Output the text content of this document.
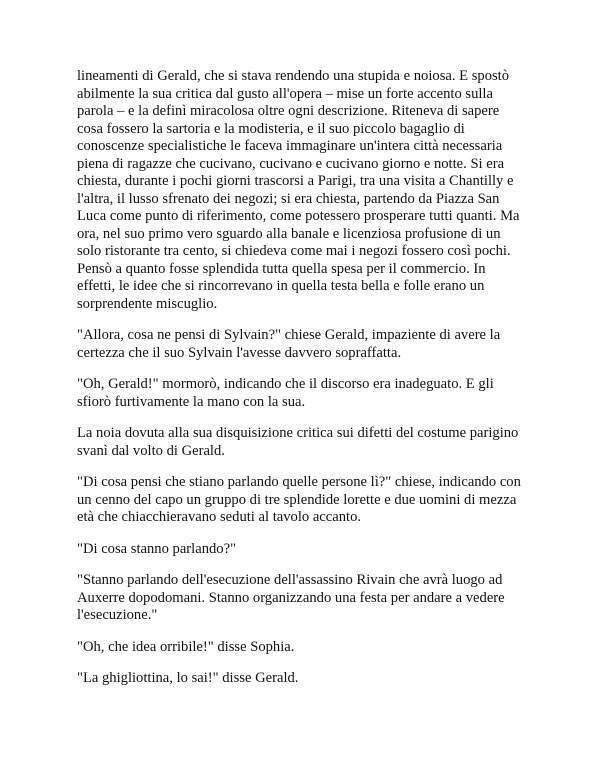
lineamenti di Gerald, che si stava rendendo una stupida e noiosa. E spostò
abilmente la sua critica dal gusto all'opera – mise un forte accento sulla
parola – e la definì miracolosa oltre ogni descrizione. Riteneva di sapere
cosa fossero la sartoria e la modisteria, e il suo piccolo bagaglio di
conoscenze specialistiche le faceva immaginare un'intera città necessaria
piena di ragazze che cucivano, cucivano e cucivano giorno e notte. Si era
chiesta, durante i pochi giorni trascorsi a Parigi, tra una visita a Chantilly e
l'altra, il lusso sfrenato dei negozi; si era chiesta, partendo da Piazza San
Luca come punto di riferimento, come potessero prosperare tutti quanti. Ma
ora, nel suo primo vero sguardo alla banale e licenziosa profusione di un
solo ristorante tra cento, si chiedeva come mai i negozi fossero così pochi.
Pensò a quanto fosse splendida tutta quella spesa per il commercio. In
effetti, le idee che si rincorrevano in quella testa bella e folle erano un
sorprendente miscuglio.

"Allora, cosa ne pensi di Sylvain?" chiese Gerald, impaziente di avere la
certezza che il suo Sylvain l'avesse davvero sopraffatta.

"Oh, Gerald!" mormorò, indicando che il discorso era inadeguato. E gli
sfiorò furtivamente la mano con la sua.

La noia dovuta alla sua disquisizione critica sui difetti del costume parigino
svanì dal volto di Gerald.

"Di cosa pensi che stiano parlando quelle persone lì?" chiese, indicando con
un cenno del capo un gruppo di tre splendide lorette e due uomini di mezza
età che chiacchieravano seduti al tavolo accanto.

"Di cosa stanno parlando?"

"Stanno parlando dell'esecuzione dell'assassino Rivain che avrà luogo ad
Auxerre dopodomani. Stanno organizzando una festa per andare a vedere
l'esecuzione."

"Oh, che idea orribile!" disse Sophia.

"La ghigliottina, lo sai!" disse Gerald.
